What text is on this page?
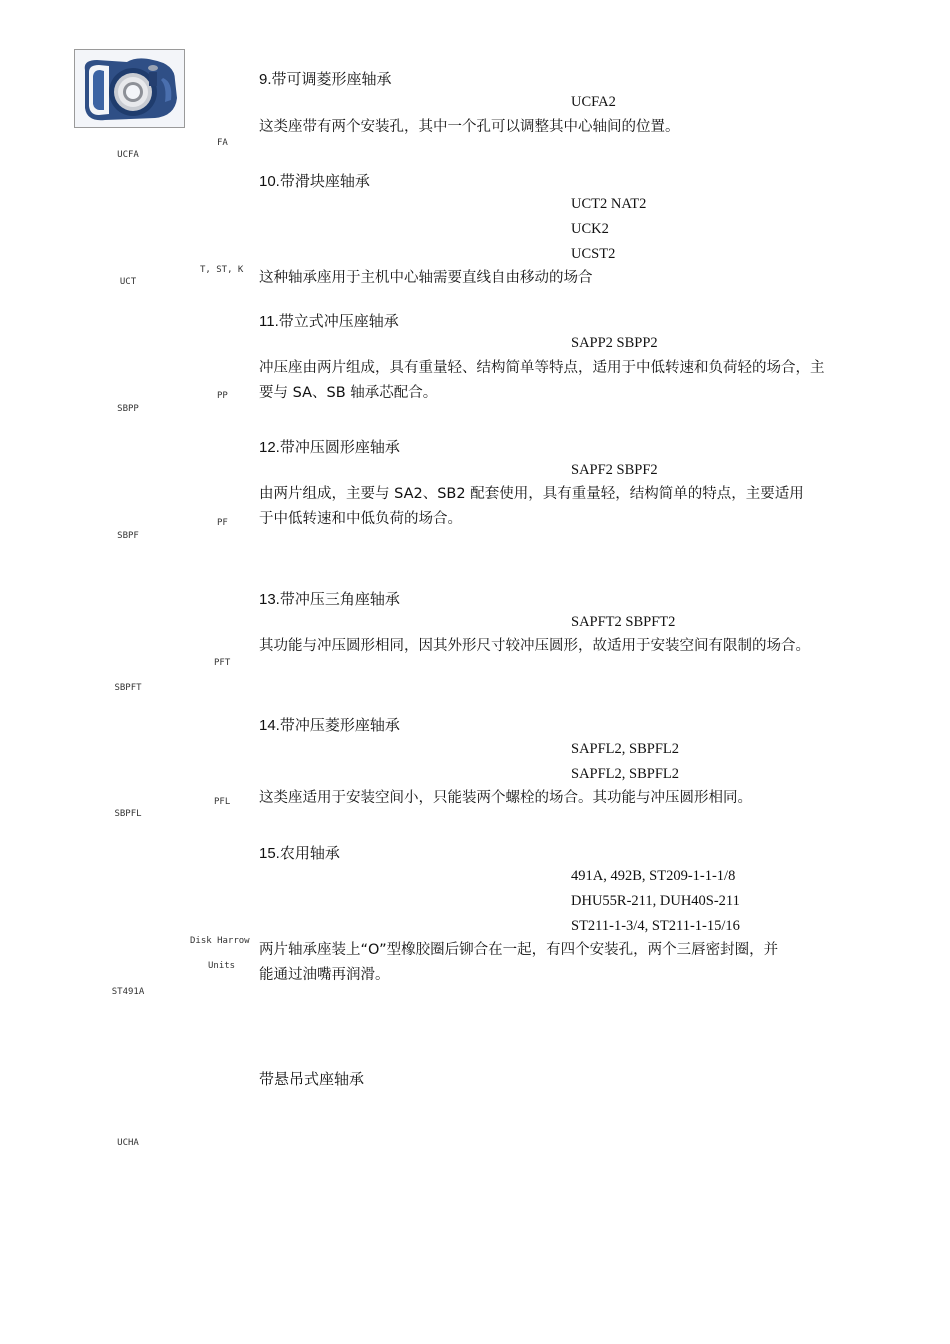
UCFA
UCT
SBPP
SBPF
SBPFT
SBPFL
ST491A
UCHA
FA
T, ST, K
PP
PF
PFT
PFL
Disk Harrow
Units
9.带可调菱形座轴承
UCFA2
这类座带有两个安装孔，其中一个孔可以调整其中心轴间的位置。
10.带滑块座轴承
UCT2 NAT2
UCK2
UCST2
这种轴承座用于主机中心轴需要直线自由移动的场合
11.带立式冲压座轴承
SAPP2 SBPP2
冲压座由两片组成，具有重量轻、结构简单等特点，适用于中低转速和负荷轻的场合，主
要与 SA、SB 轴承芯配合。
12.带冲压圆形座轴承
SAPF2 SBPF2
由两片组成，主要与 SA2、SB2 配套使用，具有重量轻，结构简单的特点，主要适用
于中低转速和中低负荷的场合。
13.带冲压三角座轴承
SAPFT2 SBPFT2
其功能与冲压圆形相同，因其外形尺寸较冲压圆形，故适用于安装空间有限制的场合。
14.带冲压菱形座轴承
SAPFL2, SBPFL2
SAPFL2, SBPFL2
这类座适用于安装空间小，只能装两个螺栓的场合。其功能与冲压圆形相同。
15.农用轴承
491A, 492B, ST209-1-1-1/8
DHU55R-211, DUH40S-211
ST211-1-3/4, ST211-1-15/16
两片轴承座装上“O”型橡胶圈后铆合在一起，有四个安装孔，两个三唇密封圈，并
能通过油嘴再润滑。
带悬吊式座轴承
